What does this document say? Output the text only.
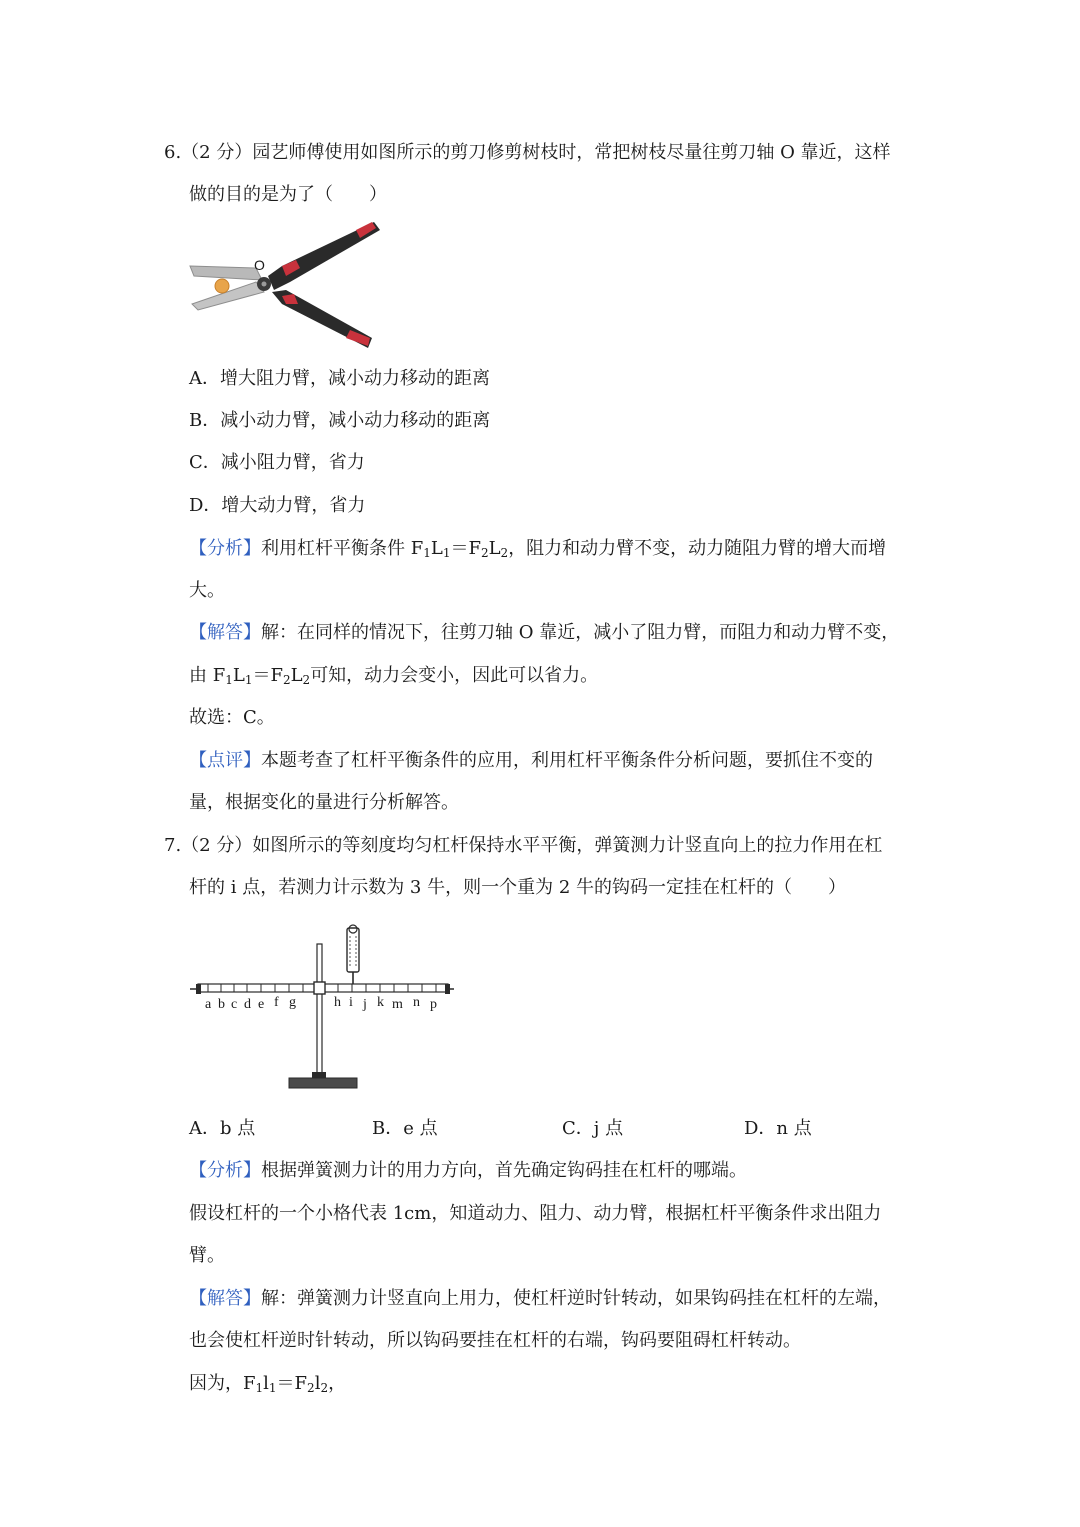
6.（2 分）园艺师傅使用如图所示的剪刀修剪树枝时，常把树枝尽量往剪刀轴 O 靠近，这样
做的目的是为了（　　）
O
A．增大阻力臂，减小动力移动的距离
B．减小动力臂，减小动力移动的距离
C．减小阻力臂，省力
D．增大动力臂，省力
【分析】利用杠杆平衡条件 $F_1L_1=F_2L_2$，阻力和动力臂不变，动力随阻力臂的增大而增
大。
【解答】解：在同样的情况下，往剪刀轴 O 靠近，减小了阻力臂，而阻力和动力臂不变，
由 $F_1L_1=F_2L_2$可知，动力会变小，因此可以省力。
故选：C。
【点评】本题考查了杠杆平衡条件的应用，利用杠杆平衡条件分析问题，要抓住不变的
量，根据变化的量进行分析解答。
7.（2 分）如图所示的等刻度均匀杠杆保持水平平衡，弹簧测力计竖直向上的拉力作用在杠
杆的 i 点，若测力计示数为 3 牛，则一个重为 2 牛的钩码一定挂在杠杆的（　　）
a b c d e f g	h i j k m n p
A．b 点	B．e 点	C．j 点	D．n 点
【分析】根据弹簧测力计的用力方向，首先确定钩码挂在杠杆的哪端。
假设杠杆的一个小格代表 1cm，知道动力、阻力、动力臂，根据杠杆平衡条件求出阻力
臂。
【解答】解：弹簧测力计竖直向上用力，使杠杆逆时针转动，如果钩码挂在杠杆的左端，
也会使杠杆逆时针转动，所以钩码要挂在杠杆的右端，钩码要阻碍杠杆转动。
因为，$F_1l_1=F_2l_2$，
